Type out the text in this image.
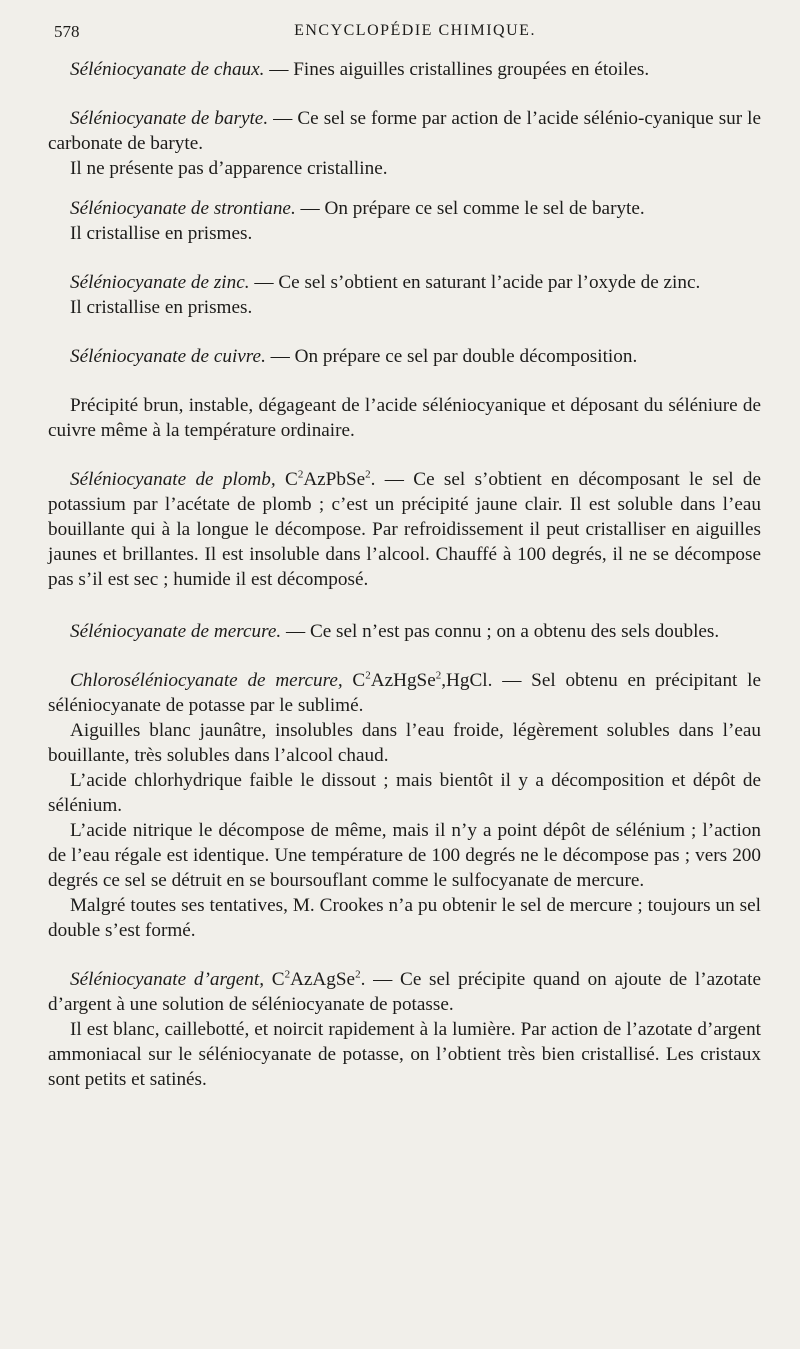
578	ENCYCLOPÉDIE CHIMIQUE.

Séléniocyanate de chaux. — Fines aiguilles cristallines groupées en étoiles.

Séléniocyanate de baryte. — Ce sel se forme par action de l’acide sélénio-cyanique sur le carbonate de baryte.

Il ne présente pas d’apparence cristalline.

Séléniocyanate de strontiane. — On prépare ce sel comme le sel de baryte.

Il cristallise en prismes.

Séléniocyanate de zinc. — Ce sel s’obtient en saturant l’acide par l’oxyde de zinc.

Il cristallise en prismes.

Séléniocyanate de cuivre. — On prépare ce sel par double décomposition.

Précipité brun, instable, dégageant de l’acide séléniocyanique et déposant du séléniure de cuivre même à la température ordinaire.

Séléniocyanate de plomb, $C^2AzPbSe^2$. — Ce sel s’obtient en décomposant le sel de potassium par l’acétate de plomb ; c’est un précipité jaune clair. Il est soluble dans l’eau bouillante qui à la longue le décompose. Par refroidissement il peut cristalliser en aiguilles jaunes et brillantes. Il est insoluble dans l’alcool. Chauffé à 100 degrés, il ne se décompose pas s’il est sec ; humide il est décomposé.

Séléniocyanate de mercure. — Ce sel n’est pas connu ; on a obtenu des sels doubles.

Chloroséléniocyanate de mercure, $C^2AzHgSe^2,HgCl$. — Sel obtenu en précipitant le séléniocyanate de potasse par le sublimé.

Aiguilles blanc jaunâtre, insolubles dans l’eau froide, légèrement solubles dans l’eau bouillante, très solubles dans l’alcool chaud.

L’acide chlorhydrique faible le dissout ; mais bientôt il y a décomposition et dépôt de sélénium.

L’acide nitrique le décompose de même, mais il n’y a point dépôt de sélénium ; l’action de l’eau régale est identique. Une température de 100 degrés ne le décompose pas ; vers 200 degrés ce sel se détruit en se boursouflant comme le sulfocyanate de mercure.

Malgré toutes ses tentatives, M. Crookes n’a pu obtenir le sel de mercure ; toujours un sel double s’est formé.

Séléniocyanate d’argent, $C^2AzAgSe^2$. — Ce sel précipite quand on ajoute de l’azotate d’argent à une solution de séléniocyanate de potasse.

Il est blanc, caillebotté, et noircit rapidement à la lumière. Par action de l’azotate d’argent ammoniacal sur le séléniocyanate de potasse, on l’obtient très bien cristallisé. Les cristaux sont petits et satinés.
